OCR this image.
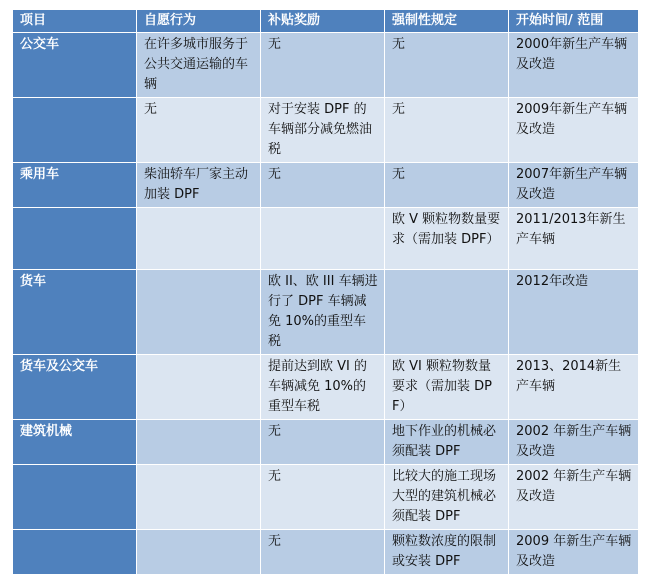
项目	自愿行为	补贴奖励	强制性规定	开始时间/ 范围
公交车	在许多城市服务于公共交通运输的车辆	无	无	2000年新生产车辆及改造
	无	对于安装 DPF 的车辆部分减免燃油税	无	2009年新生产车辆及改造
乘用车	柴油轿车厂家主动加装 DPF	无	无	2007年新生产车辆及改造
			欧 V 颗粒物数量要求（需加装 DPF）	2011/2013年新生产车辆
货车		欧 II、欧 III 车辆进行了 DPF 车辆减免 10%的重型车税		2012年改造
货车及公交车		提前达到欧 VI 的车辆减免 10%的重型车税	欧 VI 颗粒物数量要求（需加装 DPF）	2013、2014新生产车辆
建筑机械		无	地下作业的机械必须配装 DPF	2002 年新生产车辆及改造
		无	比较大的施工现场大型的建筑机械必须配装 DPF	2002 年新生产车辆及改造
		无	颗粒数浓度的限制或安装 DPF	2009 年新生产车辆及改造
